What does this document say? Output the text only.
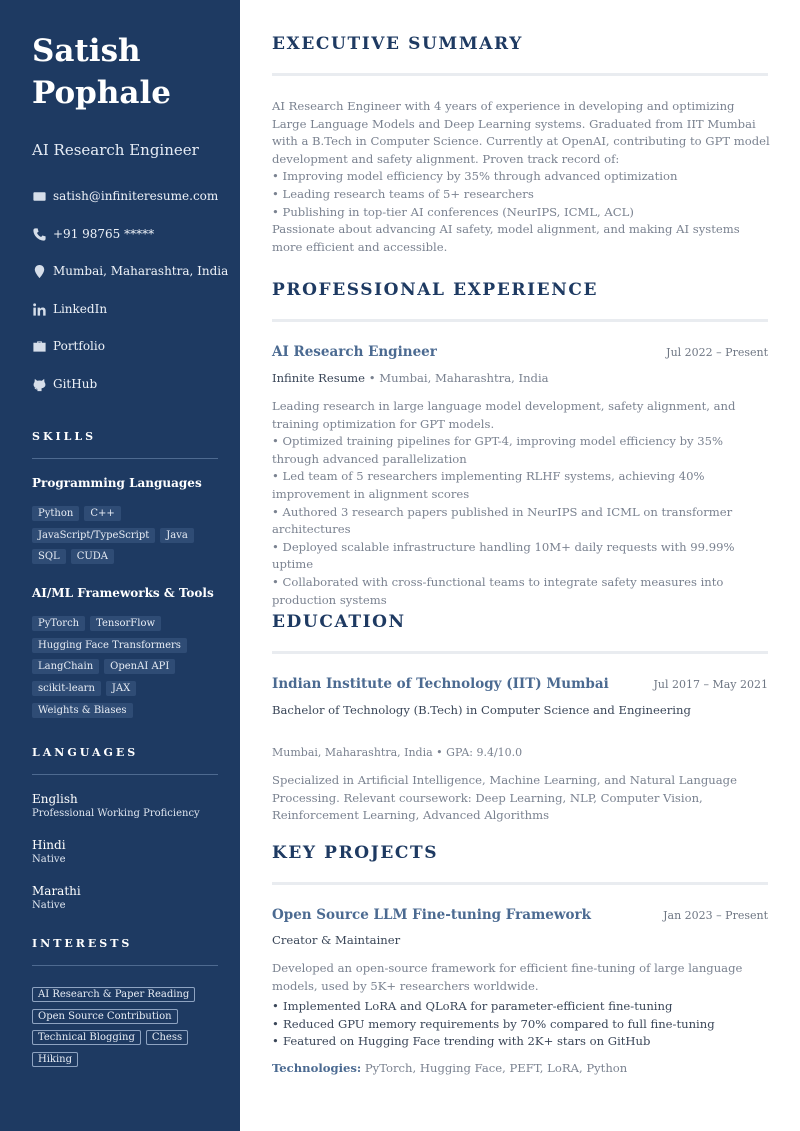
Satish
Pophale
AI Research Engineer
satish@infiniteresume.com
+91 98765 *****
Mumbai, Maharashtra, India
LinkedIn
Portfolio
GitHub
SKILLS
Programming Languages
Python	C++
JavaScript/TypeScript	Java
SQL	CUDA
AI/ML Frameworks & Tools
PyTorch	TensorFlow
Hugging Face Transformers
LangChain	OpenAI API
scikit-learn	JAX
Weights & Biases
LANGUAGES
English
Professional Working Proficiency
Hindi
Native
Marathi
Native
INTERESTS
AI Research & Paper Reading
Open Source Contribution
Technical Blogging	Chess
Hiking
EXECUTIVE SUMMARY

AI Research Engineer with 4 years of experience in developing and optimizing Large Language Models and Deep Learning systems. Graduated from IIT Mumbai with a B.Tech in Computer Science. Currently at OpenAI, contributing to GPT model development and safety alignment. Proven track record of:

• Improving model efficiency by 35% through advanced optimization

• Leading research teams of 5+ researchers

• Publishing in top-tier AI conferences (NeurIPS, ICML, ACL)

Passionate about advancing AI safety, model alignment, and making AI systems more efficient and accessible.

PROFESSIONAL EXPERIENCE
AI Research Engineer	Jul 2022 – Present
Infinite Resume • Mumbai, Maharashtra, India

Leading research in large language model development, safety alignment, and training optimization for GPT models.

• Optimized training pipelines for GPT-4, improving model efficiency by 35% through advanced parallelization

• Led team of 5 researchers implementing RLHF systems, achieving 40% improvement in alignment scores

• Authored 3 research papers published in NeurIPS and ICML on transformer architectures

• Deployed scalable infrastructure handling 10M+ daily requests with 99.99% uptime

• Collaborated with cross-functional teams to integrate safety measures into production systems

EDUCATION
Indian Institute of Technology (IIT) Mumbai	Jul 2017 – May 2021
Bachelor of Technology (B.Tech) in Computer Science and Engineering
Mumbai, Maharashtra, India • GPA: 9.4/10.0
Specialized in Artificial Intelligence, Machine Learning, and Natural Language Processing. Relevant coursework: Deep Learning, NLP, Computer Vision, Reinforcement Learning, Advanced Algorithms
KEY PROJECTS
Open Source LLM Fine-tuning Framework	Jan 2023 – Present
Creator & Maintainer
Developed an open-source framework for efficient fine-tuning of large language models, used by 5K+ researchers worldwide.
• Implemented LoRA and QLoRA for parameter-efficient fine-tuning
• Reduced GPU memory requirements by 70% compared to full fine-tuning
• Featured on Hugging Face trending with 2K+ stars on GitHub
Technologies: PyTorch, Hugging Face, PEFT, LoRA, Python
